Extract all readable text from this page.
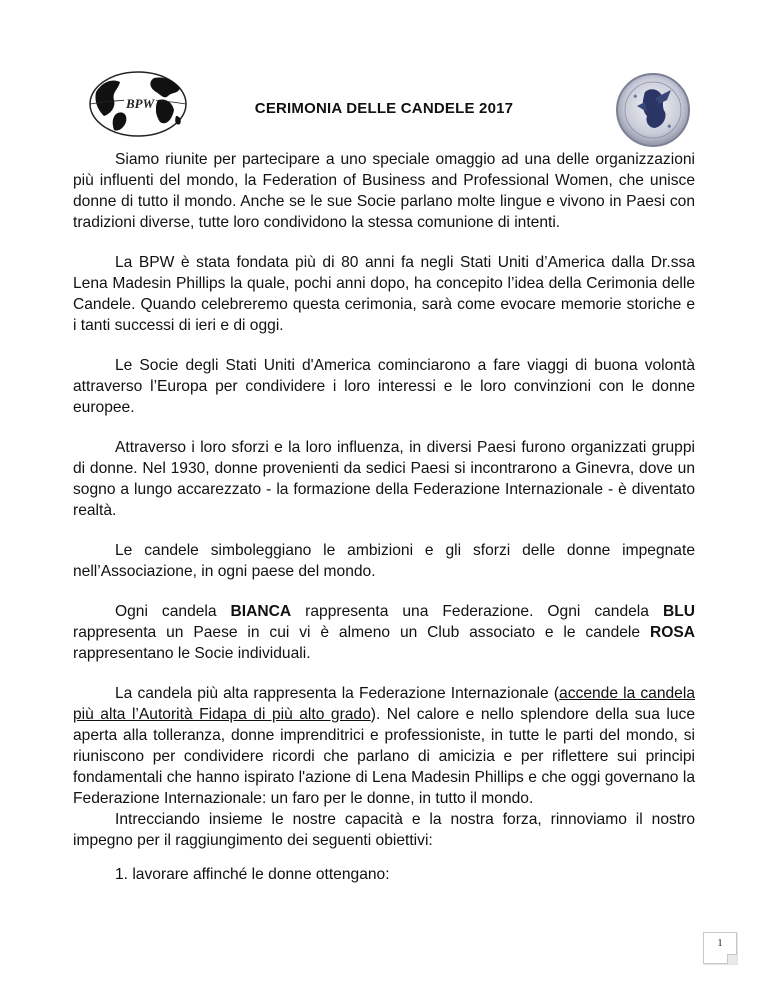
BPW	❖
❖
CERIMONIA DELLE CANDELE 2017

Siamo riunite per partecipare a uno speciale omaggio ad una delle organizzazioni più influenti del mondo, la Federation of Business and Professional Women, che unisce donne di tutto il mondo. Anche se le sue Socie parlano molte lingue e vivono in Paesi con tradizioni diverse, tutte loro condividono la stessa comunione di intenti.

La BPW è stata fondata più di 80 anni fa negli Stati Uniti d’America dalla Dr.ssa Lena Madesin Phillips la quale, pochi anni dopo, ha concepito l’idea della Cerimonia delle Candele. Quando celebreremo questa cerimonia, sarà come evocare memorie storiche e i tanti successi di ieri e di oggi.

Le Socie degli Stati Uniti d'America cominciarono a fare viaggi di buona volontà attraverso l’Europa per condividere i loro interessi e le loro convinzioni con le donne europee.

Attraverso i loro sforzi e la loro influenza, in diversi Paesi furono organizzati gruppi di donne. Nel 1930, donne provenienti da sedici Paesi si incontrarono a Ginevra, dove un sogno a lungo accarezzato - la formazione della Federazione Internazionale - è diventato realtà.

Le candele simboleggiano le ambizioni e gli sforzi delle donne impegnate nell’Associazione, in ogni paese del mondo.

Ogni candela BIANCA rappresenta una Federazione. Ogni candela BLU rappresenta un Paese in cui vi è almeno un Club associato e le candele ROSA rappresentano le Socie individuali.

La candela più alta rappresenta la Federazione Internazionale (accende la candela più alta l’Autorità Fidapa di più alto grado). Nel calore e nello splendore della sua luce aperta alla tolleranza, donne imprenditrici e professioniste, in tutte le parti del mondo, si riuniscono per condividere ricordi che parlano di amicizia e per riflettere sui principi fondamentali che hanno ispirato l'azione di Lena Madesin Phillips e che oggi governano la Federazione Internazionale: un faro per le donne, in tutto il mondo.

Intrecciando insieme le nostre capacità e la nostra forza, rinnoviamo il nostro impegno per il raggiungimento dei seguenti obiettivi:

1. lavorare affinché le donne ottengano:

1
